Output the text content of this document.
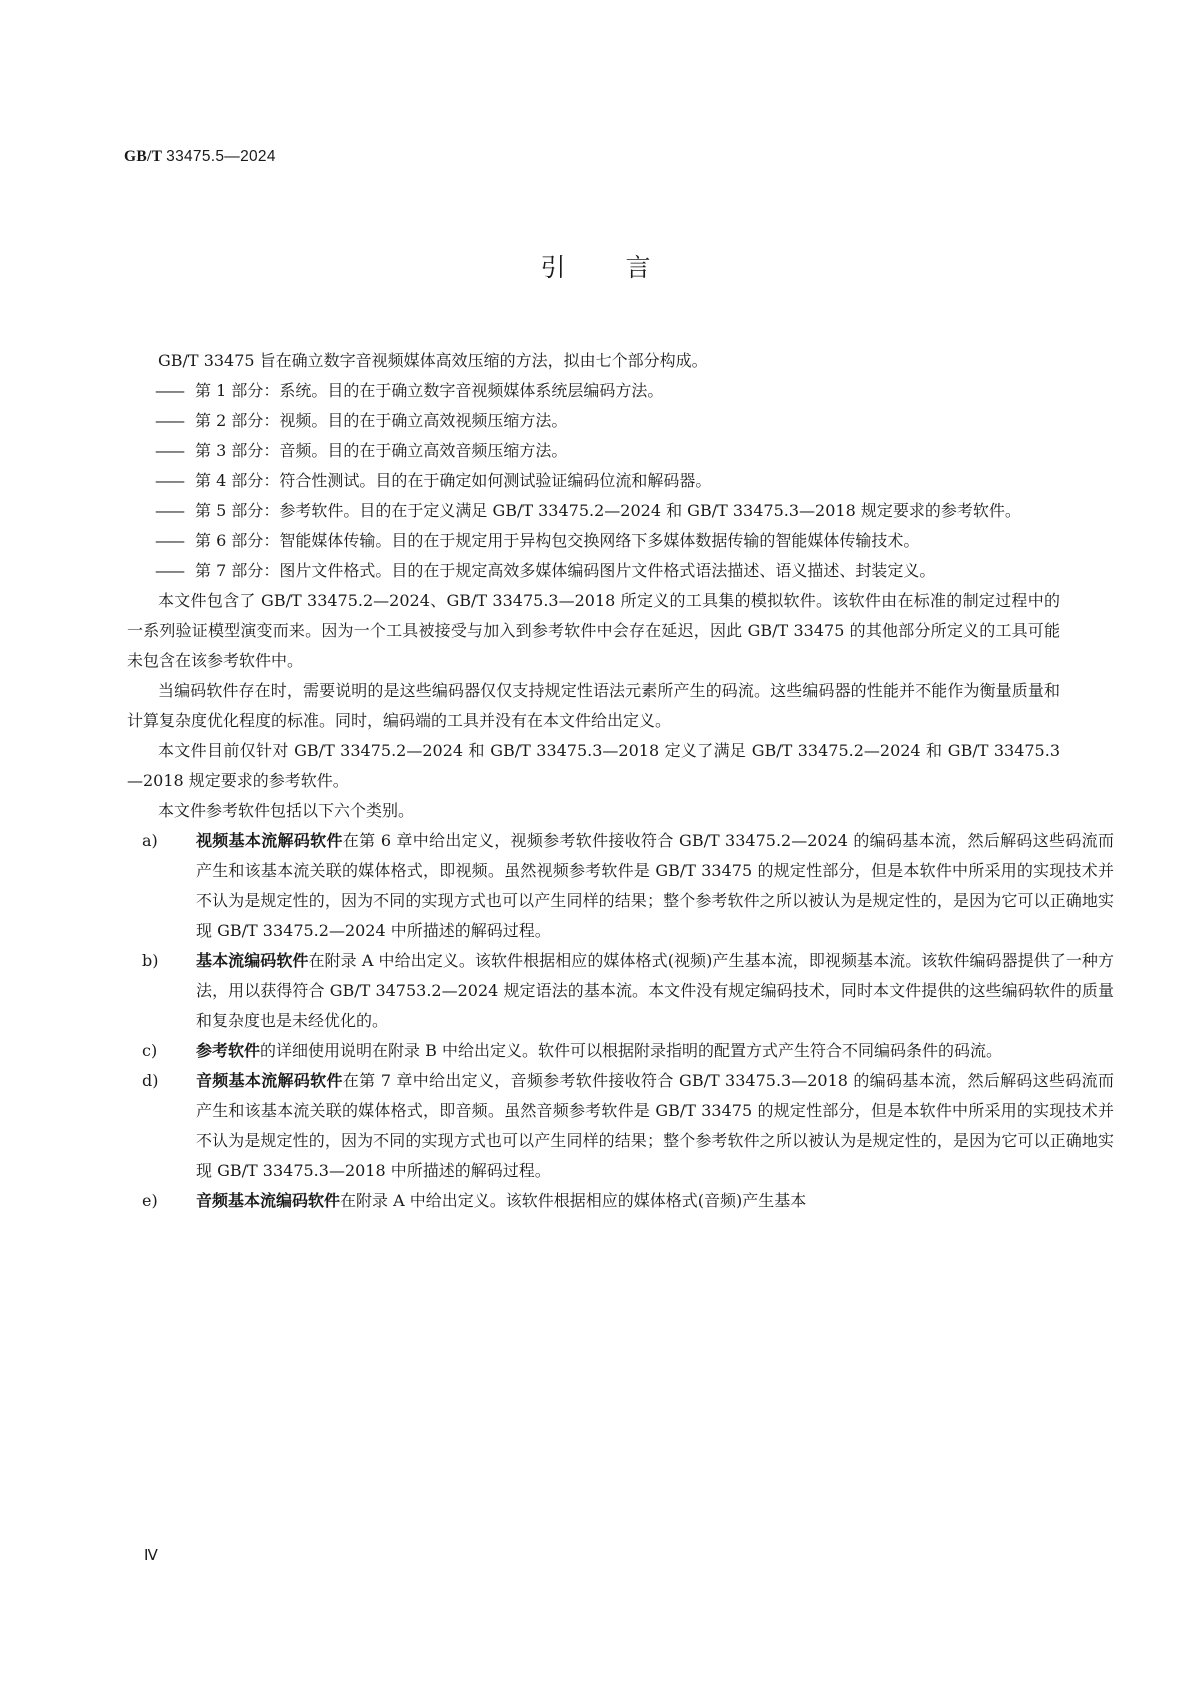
GB/T 33475.5—2024
引言

GB/T 33475 旨在确立数字音视频媒体高效压缩的方法，拟由七个部分构成。

—— 第 1 部分：系统。目的在于确立数字音视频媒体系统层编码方法。
—— 第 2 部分：视频。目的在于确立高效视频压缩方法。
—— 第 3 部分：音频。目的在于确立高效音频压缩方法。
—— 第 4 部分：符合性测试。目的在于确定如何测试验证编码位流和解码器。
—— 第 5 部分：参考软件。目的在于定义满足 GB/T 33475.2—2024 和 GB/T 33475.3—2018 规定要求的参考软件。
—— 第 6 部分：智能媒体传输。目的在于规定用于异构包交换网络下多媒体数据传输的智能媒体传输技术。
—— 第 7 部分：图片文件格式。目的在于规定高效多媒体编码图片文件格式语法描述、语义描述、封装定义。

本文件包含了 GB/T 33475.2—2024、GB/T 33475.3—2018 所定义的工具集的模拟软件。该软件由在标准的制定过程中的一系列验证模型演变而来。因为一个工具被接受与加入到参考软件中会存在延迟，因此 GB/T 33475 的其他部分所定义的工具可能未包含在该参考软件中。

当编码软件存在时，需要说明的是这些编码器仅仅支持规定性语法元素所产生的码流。这些编码器的性能并不能作为衡量质量和计算复杂度优化程度的标准。同时，编码端的工具并没有在本文件给出定义。

本文件目前仅针对 GB/T 33475.2—2024 和 GB/T 33475.3—2018 定义了满足 GB/T 33475.2—2024 和 GB/T 33475.3—2018 规定要求的参考软件。

本文件参考软件包括以下六个类别。

a) 视频基本流解码软件在第 6 章中给出定义，视频参考软件接收符合 GB/T 33475.2—2024 的编码基本流，然后解码这些码流而产生和该基本流关联的媒体格式，即视频。虽然视频参考软件是 GB/T 33475 的规定性部分，但是本软件中所采用的实现技术并不认为是规定性的，因为不同的实现方式也可以产生同样的结果；整个参考软件之所以被认为是规定性的，是因为它可以正确地实现 GB/T 33475.2—2024 中所描述的解码过程。
b) 基本流编码软件在附录 A 中给出定义。该软件根据相应的媒体格式(视频)产生基本流，即视频基本流。该软件编码器提供了一种方法，用以获得符合 GB/T 34753.2—2024 规定语法的基本流。本文件没有规定编码技术，同时本文件提供的这些编码软件的质量和复杂度也是未经优化的。
c) 参考软件的详细使用说明在附录 B 中给出定义。软件可以根据附录指明的配置方式产生符合不同编码条件的码流。
d) 音频基本流解码软件在第 7 章中给出定义，音频参考软件接收符合 GB/T 33475.3—2018 的编码基本流，然后解码这些码流而产生和该基本流关联的媒体格式，即音频。虽然音频参考软件是 GB/T 33475 的规定性部分，但是本软件中所采用的实现技术并不认为是规定性的，因为不同的实现方式也可以产生同样的结果；整个参考软件之所以被认为是规定性的，是因为它可以正确地实现 GB/T 33475.3—2018 中所描述的解码过程。
e) 音频基本流编码软件在附录 A 中给出定义。该软件根据相应的媒体格式(音频)产生基本
Ⅳ
